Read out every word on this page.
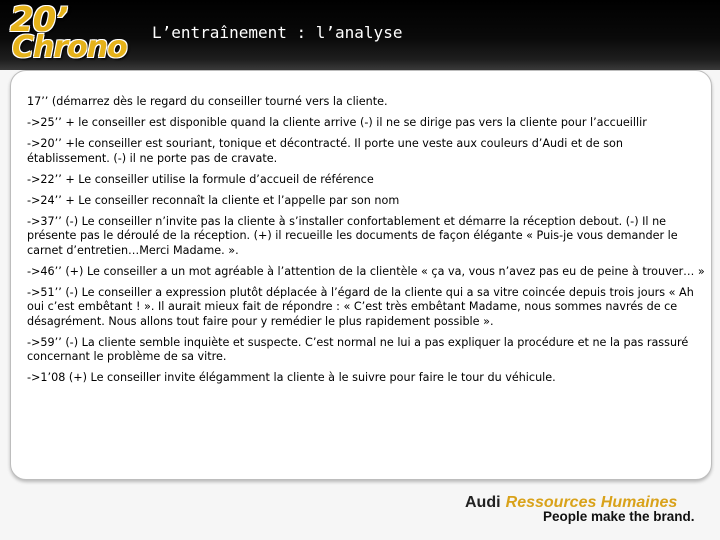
20’
Chrono L’entraînement : l’analyse

17’’ (démarrez dès le regard du conseiller tourné vers la cliente.

->25’’ + le conseiller est disponible quand la cliente arrive (-) il ne se dirige pas vers la cliente pour l’accueillir

->20’’ +le conseiller est souriant, tonique et décontracté. Il porte une veste aux couleurs d’Audi et de son établissement. (-) il ne porte pas de cravate.

->22’’ + Le conseiller utilise la formule d’accueil de référence

->24’’ + Le conseiller reconnaît la cliente et l’appelle par son nom

->37’’ (-) Le conseiller n’invite pas la cliente à s’installer confortablement et démarre la réception debout. (-) Il ne présente pas le déroulé de la réception. (+) il recueille les documents de façon élégante « Puis-je vous demander le carnet d’entretien…Merci Madame. ».

->46’’ (+) Le conseiller a un mot agréable à l’attention de la clientèle « ça va, vous n’avez pas eu de peine à trouver… »

->51’’ (-) Le conseiller a expression plutôt déplacée à l’égard de la cliente qui a sa vitre coincée depuis trois jours « Ah oui c’est embêtant ! ». Il aurait mieux fait de répondre : « C’est très embêtant Madame, nous sommes navrés de ce désagrément. Nous allons tout faire pour y remédier le plus rapidement possible ».

->59’’ (-) La cliente semble inquiète et suspecte. C’est normal ne lui a pas expliquer la procédure et ne la pas rassuré concernant le problème de sa vitre.

->1’08 (+) Le conseiller invite élégamment la cliente à le suivre pour faire le tour du véhicule.

Audi Ressources Humaines
People make the brand.
